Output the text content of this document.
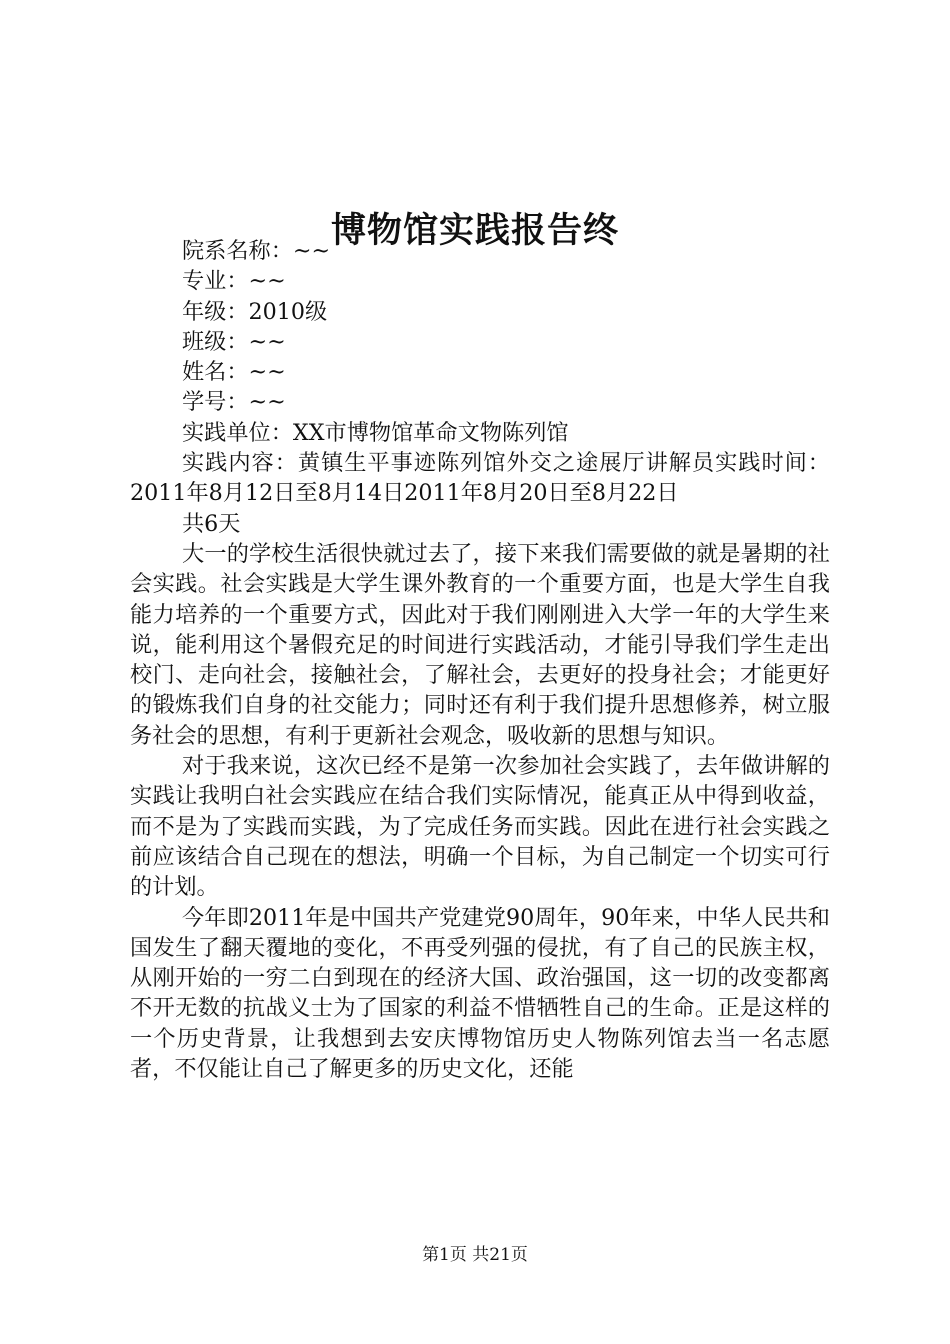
博物馆实践报告终

院系名称：~~

专业：~~

年级：2010级

班级：~~

姓名：~~

学号：~~

实践单位：XX市博物馆革命文物陈列馆

实践内容：黄镇生平事迹陈列馆外交之途展厅讲解员实践时间：2011年8月12日至8月14日2011年8月20日至8月22日

共6天

大一的学校生活很快就过去了，接下来我们需要做的就是暑期的社会实践。社会实践是大学生课外教育的一个重要方面，也是大学生自我能力培养的一个重要方式，因此对于我们刚刚进入大学一年的大学生来说，能利用这个暑假充足的时间进行实践活动，才能引导我们学生走出校门、走向社会，接触社会，了解社会，去更好的投身社会；才能更好的锻炼我们自身的社交能力；同时还有利于我们提升思想修养，树立服务社会的思想，有利于更新社会观念，吸收新的思想与知识。

对于我来说，这次已经不是第一次参加社会实践了，去年做讲解的实践让我明白社会实践应在结合我们实际情况，能真正从中得到收益，而不是为了实践而实践，为了完成任务而实践。因此在进行社会实践之前应该结合自己现在的想法，明确一个目标，为自己制定一个切实可行的计划。

今年即2011年是中国共产党建党90周年，90年来，中华人民共和国发生了翻天覆地的变化，不再受列强的侵扰，有了自己的民族主权，从刚开始的一穷二白到现在的经济大国、政治强国，这一切的改变都离不开无数的抗战义士为了国家的利益不惜牺牲自己的生命。正是这样的一个历史背景，让我想到去安庆博物馆历史人物陈列馆去当一名志愿者，不仅能让自己了解更多的历史文化，还能

第1页 共21页
